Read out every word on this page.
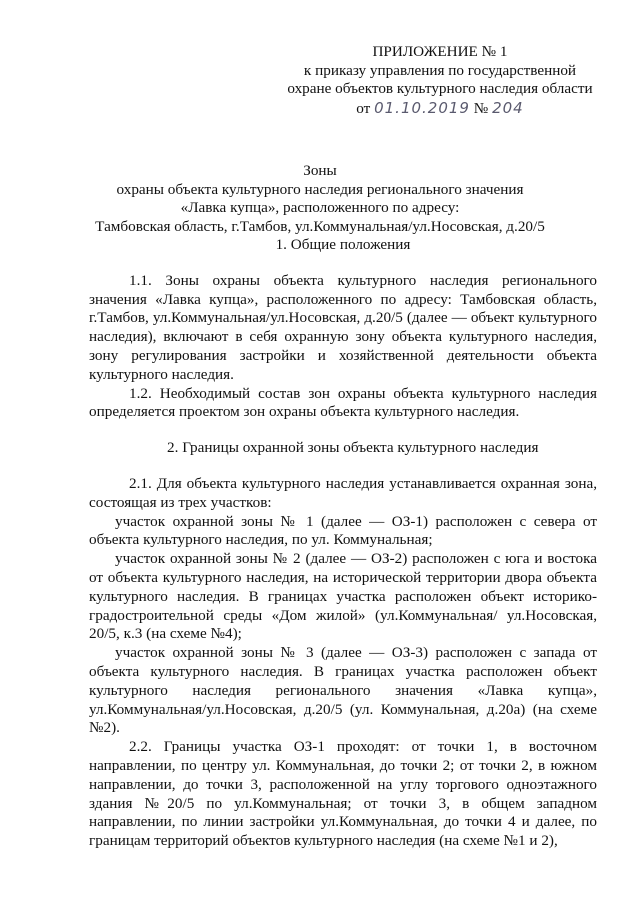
ПРИЛОЖЕНИЕ № 1
к приказу управления по государственной
охране объектов культурного наследия области
от 01.10.2019 № 204
Зоны
охраны объекта культурного наследия регионального значения
«Лавка купца», расположенного по адресу:
Тамбовская область, г.Тамбов, ул.Коммунальная/ул.Носовская, д.20/5
1. Общие положения

1.1. Зоны охраны объекта культурного наследия регионального значения «Лавка купца», расположенного по адресу: Тамбовская область, г.Тамбов, ул.Коммунальная/ул.Носовская, д.20/5 (далее — объект культурного наследия), включают в себя охранную зону объекта культурного наследия, зону регулирования застройки и хозяйственной деятельности объекта культурного наследия.

1.2. Необходимый состав зон охраны объекта культурного наследия определяется проектом зон охраны объекта культурного наследия.

2. Границы охранной зоны объекта культурного наследия

2.1. Для объекта культурного наследия устанавливается охранная зона, состоящая из трех участков:

участок охранной зоны № 1 (далее — ОЗ-1) расположен с севера от объекта культурного наследия, по ул. Коммунальная;

участок охранной зоны № 2 (далее — ОЗ-2) расположен с юга и востока от объекта культурного наследия, на исторической территории двора объекта культурного наследия. В границах участка расположен объект историко-градостроительной среды «Дом жилой» (ул.Коммунальная/ ул.Носовская, 20/5, к.3 (на схеме №4);

участок охранной зоны № 3 (далее — ОЗ-3) расположен с запада от объекта культурного наследия. В границах участка расположен объект культурного наследия регионального значения «Лавка купца», ул.Коммунальная/ул.Носовская, д.20/5 (ул. Коммунальная, д.20а) (на схеме №2).

2.2. Границы участка ОЗ-1 проходят: от точки 1, в восточном направлении, по центру ул. Коммунальная, до точки 2; от точки 2, в южном направлении, до точки 3, расположенной на углу торгового одноэтажного здания №20/5 по ул.Коммунальная; от точки 3, в общем западном направлении, по линии застройки ул.Коммунальная, до точки 4 и далее, по границам территорий объектов культурного наследия (на схеме №1 и 2),
